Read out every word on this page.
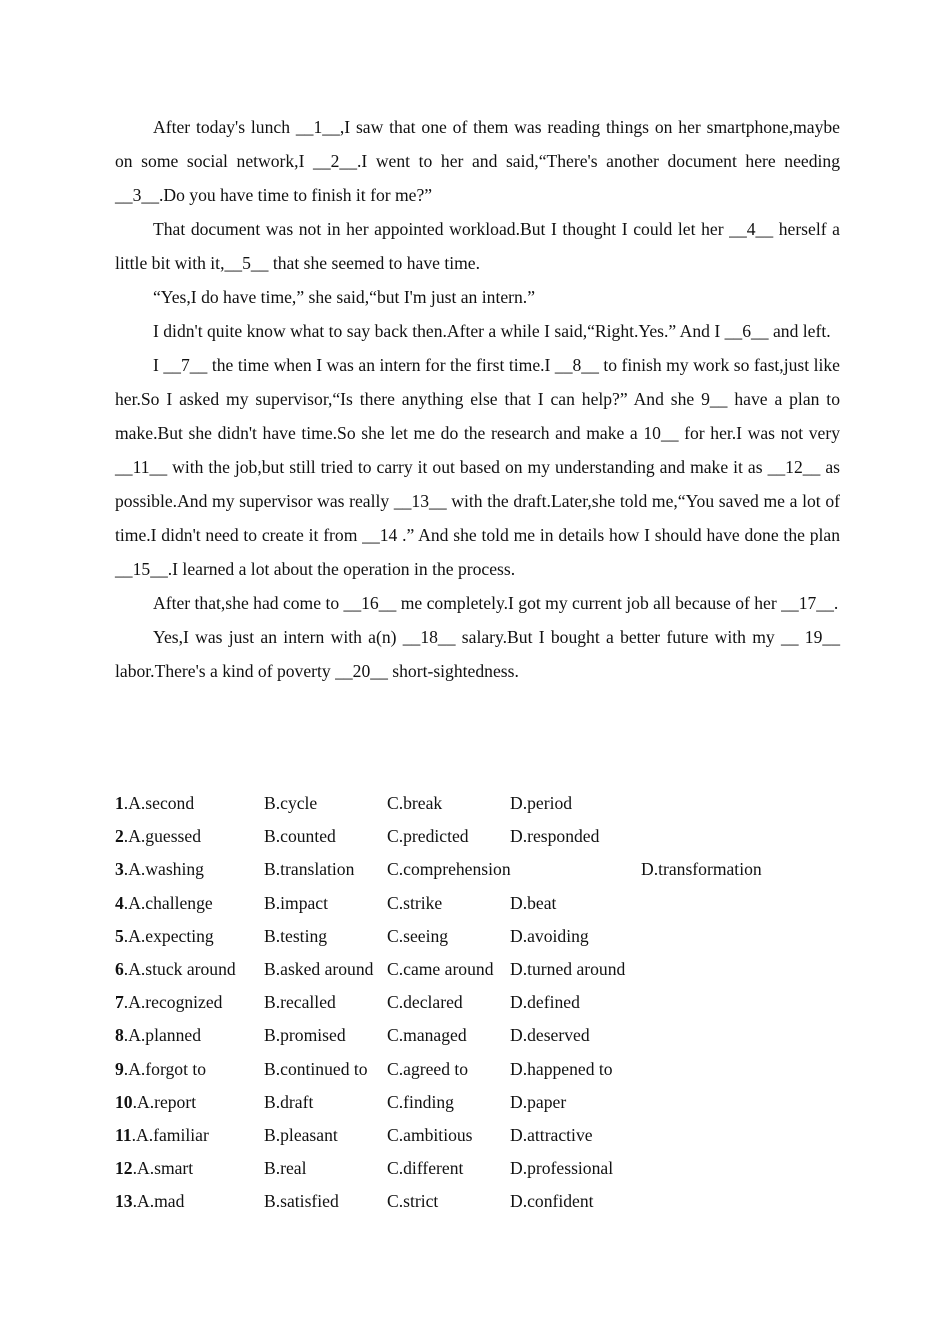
After today's lunch __1__,I saw that one of them was reading things on her smartphone,maybe on some social network,I __2__.I went to her and said,“There's another document here needing __3__.Do you have time to finish it for me?”

That document was not in her appointed workload.But I thought I could let her __4__ herself a little bit with it,__5__ that she seemed to have time.

“Yes,I do have time,” she said,“but I'm just an intern.”

I didn't quite know what to say back then.After a while I said,“Right.Yes.” And I __6__ and left.

I __7__ the time when I was an intern for the first time.I __8__ to finish my work so fast,just like her.So I asked my supervisor,“Is there anything else that I can help?” And she 9__ have a plan to make.But she didn't have time.So she let me do the research and make a 10__ for her.I was not very __11__ with the job,but still tried to carry it out based on my understanding and make it as __12__ as possible.And my supervisor was really __13__ with the draft.Later,she told me,“You saved me a lot of time.I didn't need to create it from __14 .” And she told me in details how I should have done the plan __15__.I learned a lot about the operation in the process.

After that,she had come to __16__ me completely.I got my current job all because of her __17__.

Yes,I was just an intern with a(n) __18__ salary.But I bought a better future with my __ 19__ labor.There's a kind of poverty __20__ short-sightedness.

1.A.second	B.cycle	C.break	D.period
2.A.guessed	B.counted	C.predicted D.responded
3.A.washing	B.translation C.comprehension	D.transformation
4.A.challenge	B.impact	C.strike	D.beat
5.A.expecting	B.testing	C.seeing	D.avoiding
6.A.stuck around B.asked around C.came around D.turned around
7.A.recognized B.recalled	C.declared	D.defined
8.A.planned	B.promised C.managed D.deserved
9.A.forgot to	B.continued to C.agreed to D.happened to
10.A.report	B.draft	C.finding	D.paper
11.A.familiar	B.pleasant	C.ambitious D.attractive
12.A.smart	B.real	C.different	D.professional
13.A.mad	B.satisfied	C.strict	D.confident
